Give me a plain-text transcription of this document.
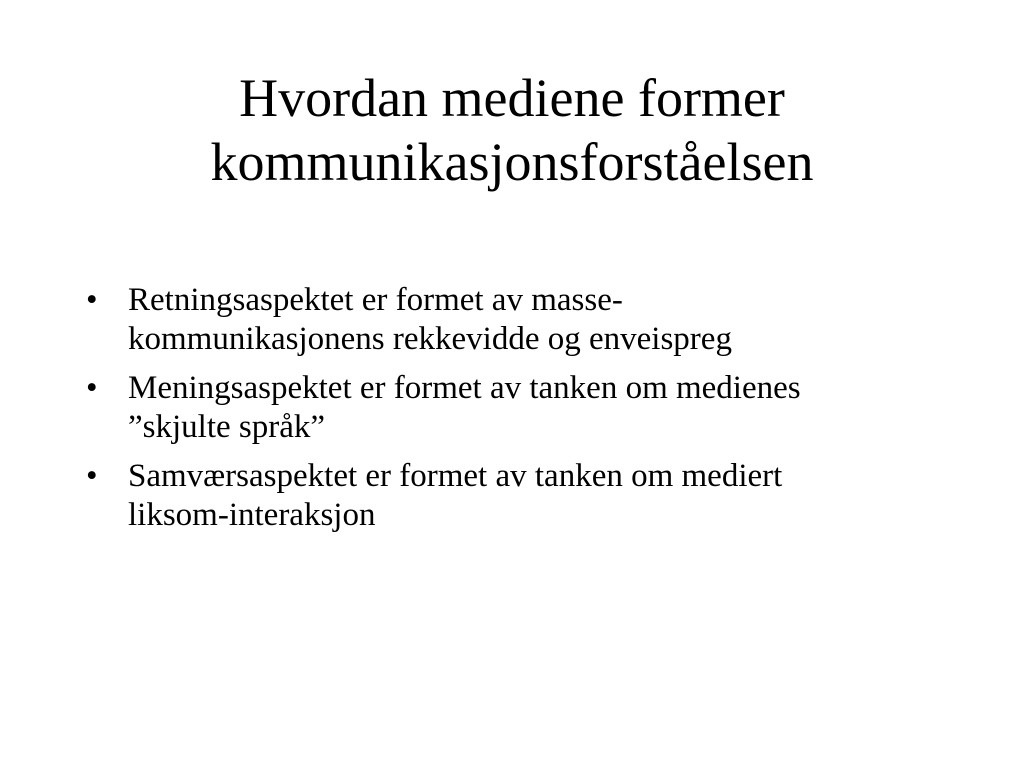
Hvordan mediene former
kommunikasjonsforståelsen
• Retningsaspektet er formet av masse-
kommunikasjonens rekkevidde og enveispreg
• Meningsaspektet er formet av tanken om medienes
”skjulte språk”
• Samværsaspektet er formet av tanken om mediert
liksom-interaksjon
